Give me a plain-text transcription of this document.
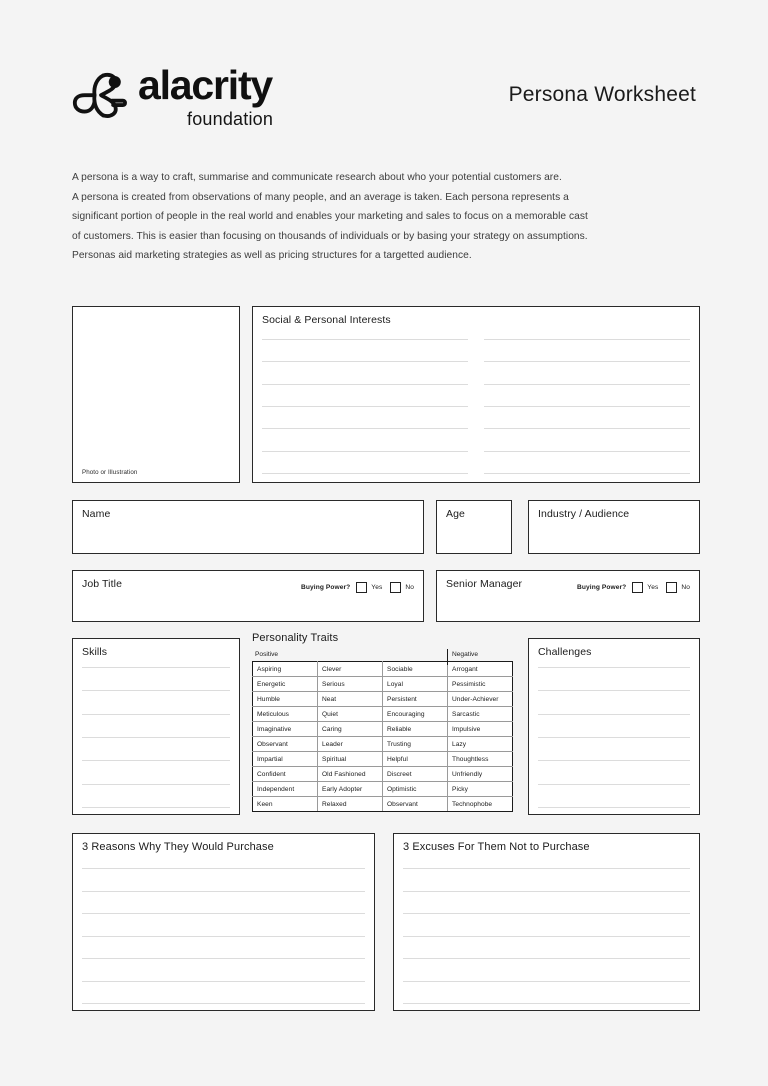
alacrity
foundation
Persona Worksheet

A persona is a way to craft, summarise and communicate research about who your potential customers are.

A persona is created from observations of many people, and an average is taken. Each persona represents a

significant portion of people in the real world and enables your marketing and sales to focus on a memorable cast

of customers. This is easier than focusing on thousands of individuals or by basing your strategy on assumptions.

Personas aid marketing strategies as well as pricing structures for a targetted audience.

Photo or Illustration
Social & Personal Interests
Name	Age	Industry / Audience
Job Title	Buying Power?	Yes	No	Senior Manager	Buying Power?	Yes	No
Skills
Personality Traits
Positive	Negative
Aspiring	Clever	Sociable	Arrogant
Energetic	Serious	Loyal	Pessimistic
Humble	Neat	Persistent	Under-Achiever
Meticulous	Quiet	Encouraging	Sarcastic
Imaginative	Caring	Reliable	Impulsive
Observant	Leader	Trusting	Lazy
Impartial	Spiritual	Helpful	Thoughtless
Confident	Old Fashioned	Discreet	Unfriendly
Independent	Early Adopter	Optimistic	Picky
Keen	Relaxed	Observant	Technophobe
Challenges
3 Reasons Why They Would Purchase	3 Excuses For Them Not to Purchase
